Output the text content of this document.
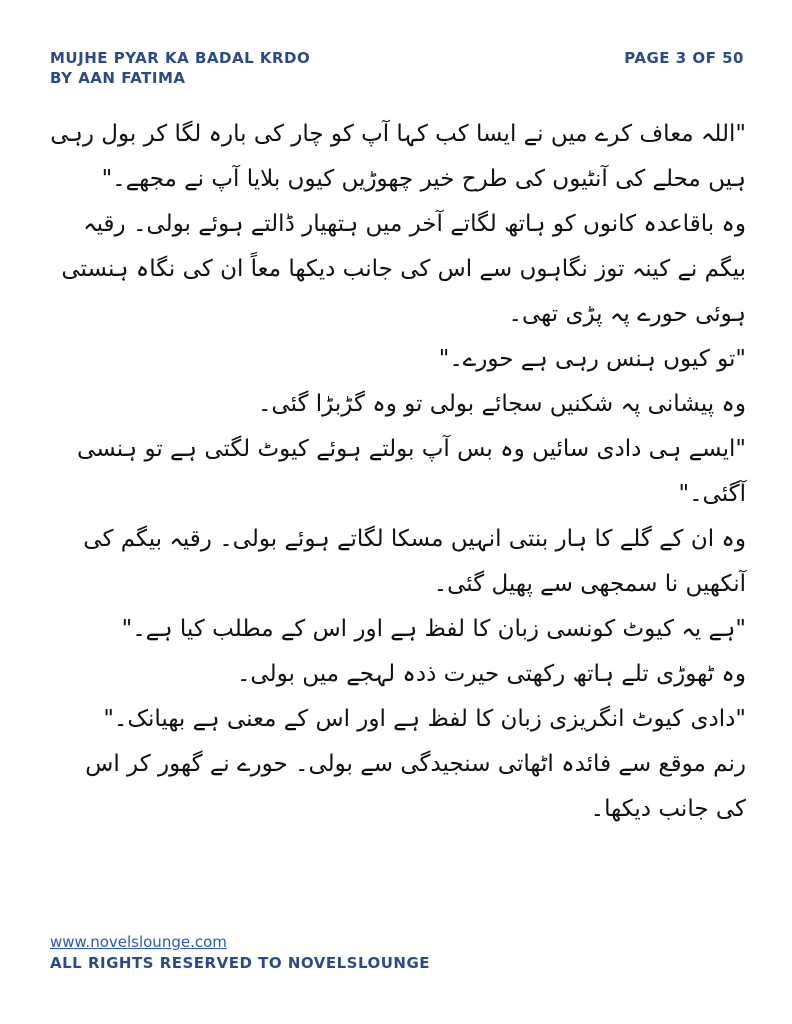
MUJHE PYAR KA BADAL KRDO
BY AAN FATIMA
PAGE 3 OF 50

"اللہ معاف کرے میں نے ایسا کب کہا آپ کو چار کی بارہ لگا کر بول رہی ہیں محلے کی آنٹیوں کی طرح خیر چھوڑیں کیوں بلایا آپ نے مجھے۔"

وہ باقاعدہ کانوں کو ہاتھ لگاتے آخر میں ہتھیار ڈالتے ہوئے بولی۔ رقیہ بیگم نے کینہ توز نگاہوں سے اس کی جانب دیکھا معاً ان کی نگاہ ہنستی ہوئی حورے پہ پڑی تھی۔

"تو کیوں ہنس رہی ہے حورے۔"

وہ پیشانی پہ شکنیں سجائے بولی تو وہ گڑبڑا گئی۔

"ایسے ہی دادی سائیں وہ بس آپ بولتے ہوئے کیوٹ لگتی ہے تو ہنسی آگئی۔"

وہ ان کے گلے کا ہار بنتی انہیں مسکا لگاتے ہوئے بولی۔ رقیہ بیگم کی آنکھیں نا سمجھی سے پھیل گئی۔

"ہے یہ کیوٹ کونسی زبان کا لفظ ہے اور اس کے مطلب کیا ہے۔"

وہ ٹھوڑی تلے ہاتھ رکھتی حیرت ذدہ لہجے میں بولی۔

"دادی کیوٹ انگریزی زبان کا لفظ ہے اور اس کے معنی ہے بھیانک۔"

رنم موقع سے فائدہ اٹھاتی سنجیدگی سے بولی۔ حورے نے گھور کر اس کی جانب دیکھا۔

www.novelslounge.com
ALL RIGHTS RESERVED TO NOVELSLOUNGE
